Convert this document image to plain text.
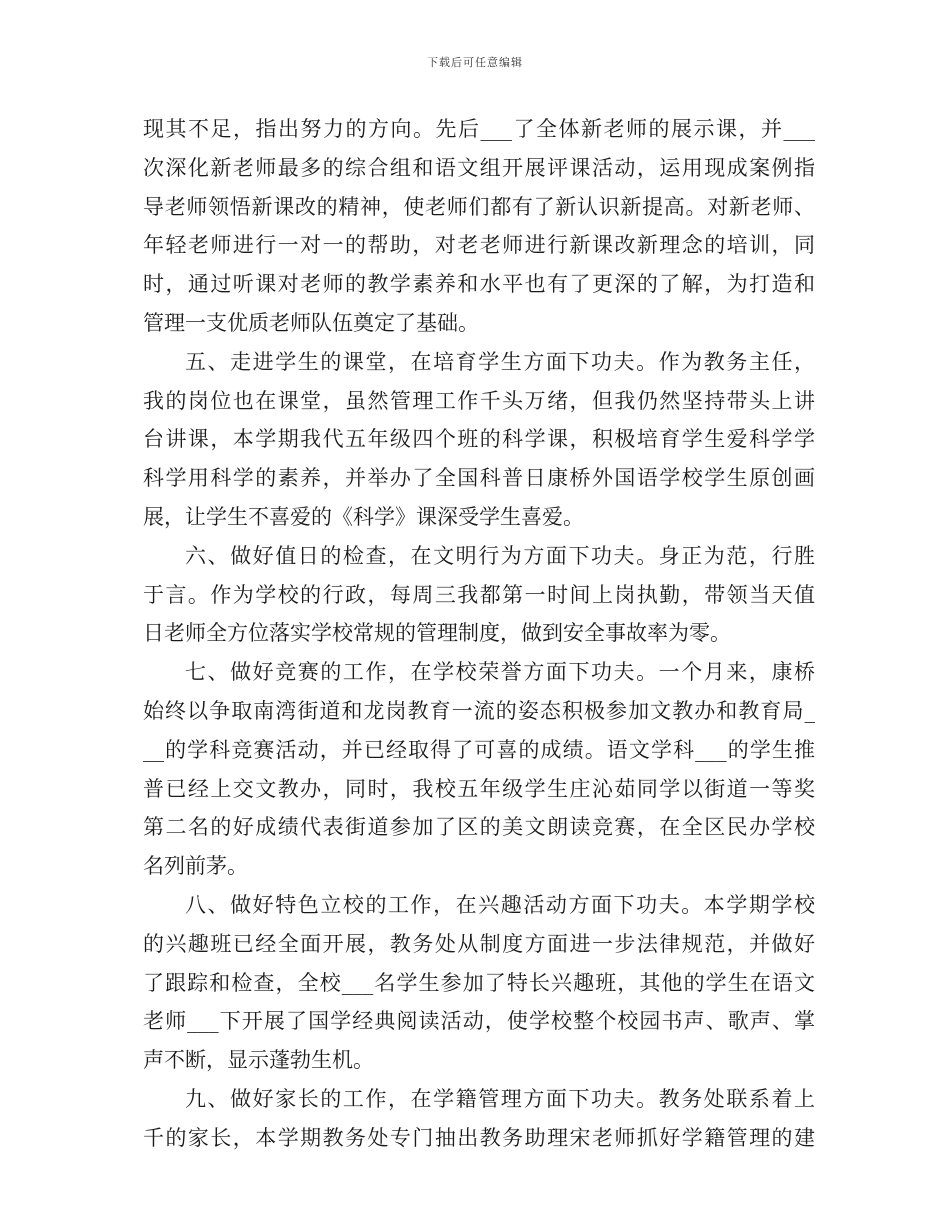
下载后可任意编辑
现其不足，指出努力的方向。先后___了全体新老师的展示课，并___
次深化新老师最多的综合组和语文组开展评课活动，运用现成案例指
导老师领悟新课改的精神，使老师们都有了新认识新提高。对新老师、
年轻老师进行一对一的帮助，对老老师进行新课改新理念的培训，同
时，通过听课对老师的教学素养和水平也有了更深的了解，为打造和
管理一支优质老师队伍奠定了基础。
五、走进学生的课堂，在培育学生方面下功夫。作为教务主任，
我的岗位也在课堂，虽然管理工作千头万绪，但我仍然坚持带头上讲
台讲课，本学期我代五年级四个班的科学课，积极培育学生爱科学学
科学用科学的素养，并举办了全国科普日康桥外国语学校学生原创画
展，让学生不喜爱的《科学》课深受学生喜爱。
六、做好值日的检查，在文明行为方面下功夫。身正为范，行胜
于言。作为学校的行政，每周三我都第一时间上岗执勤，带领当天值
日老师全方位落实学校常规的管理制度，做到安全事故率为零。
七、做好竞赛的工作，在学校荣誉方面下功夫。一个月来，康桥
始终以争取南湾街道和龙岗教育一流的姿态积极参加文教办和教育局_
__的学科竞赛活动，并已经取得了可喜的成绩。语文学科___的学生推
普已经上交文教办，同时，我校五年级学生庄沁茹同学以街道一等奖
第二名的好成绩代表街道参加了区的美文朗读竞赛，在全区民办学校
名列前茅。
八、做好特色立校的工作，在兴趣活动方面下功夫。本学期学校
的兴趣班已经全面开展，教务处从制度方面进一步法律规范，并做好
了跟踪和检查，全校___名学生参加了特长兴趣班，其他的学生在语文
老师___下开展了国学经典阅读活动，使学校整个校园书声、歌声、掌
声不断，显示蓬勃生机。
九、做好家长的工作，在学籍管理方面下功夫。教务处联系着上
千的家长，本学期教务处专门抽出教务助理宋老师抓好学籍管理的建
